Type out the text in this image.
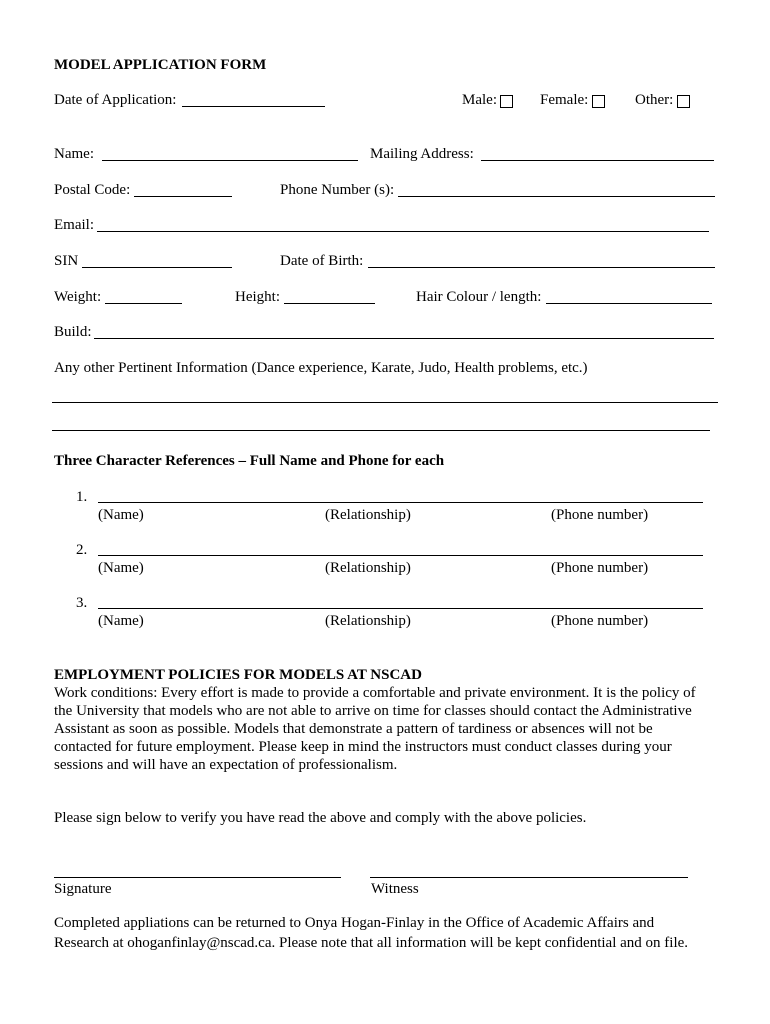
MODEL APPLICATION FORM
Date of Application:	Male:	Female:	Other:
Name:	Mailing Address:
Postal Code:	Phone Number (s):
Email:
SIN	Date of Birth:
Weight:	Height:	Hair Colour / length:
Build:
Any other Pertinent Information (Dance experience, Karate, Judo, Health problems, etc.)
Three Character References – Full Name and Phone for each
1.
(Name)	(Relationship)	(Phone number)
2.
(Name)	(Relationship)	(Phone number)
3.
(Name)	(Relationship)	(Phone number)
EMPLOYMENT POLICIES FOR MODELS AT NSCAD
Work conditions: Every effort is made to provide a comfortable and private environment. It is the policy of
the University that models who are not able to arrive on time for classes should contact the Administrative
Assistant as soon as possible. Models that demonstrate a pattern of tardiness or absences will not be
contacted for future employment. Please keep in mind the instructors must conduct classes during your
sessions and will have an expectation of professionalism.
Please sign below to verify you have read the above and comply with the above policies.
Signature	Witness
Completed appliations can be returned to Onya Hogan-Finlay in the Office of Academic Affairs and
Research at ohoganfinlay@nscad.ca. Please note that all information will be kept confidential and on file.
